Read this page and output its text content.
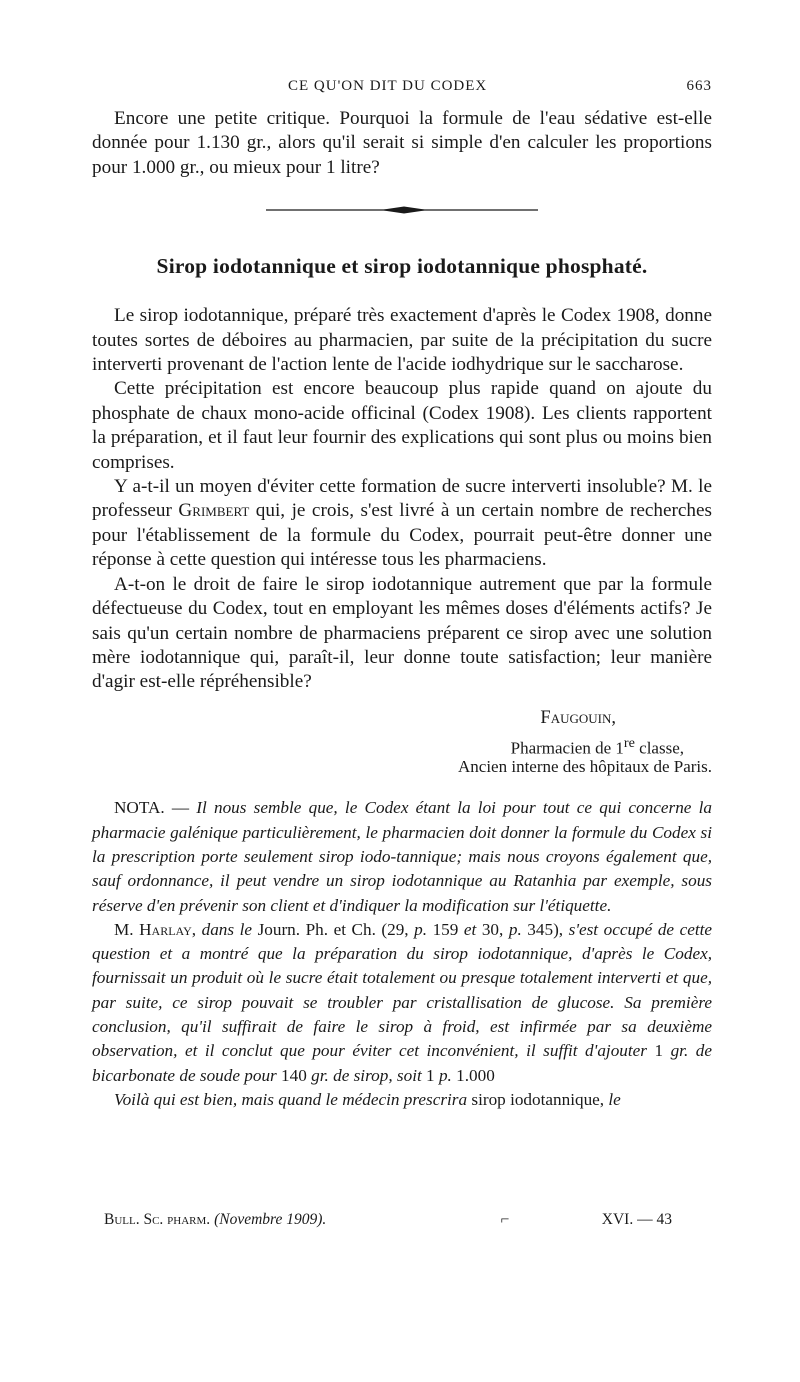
CE QU'ON DIT DU CODEX	663

Encore une petite critique. Pourquoi la formule de l'eau sédative est-elle donnée pour 1.130 gr., alors qu'il serait si simple d'en calculer les proportions pour 1.000 gr., ou mieux pour 1 litre?

Sirop iodotannique et sirop iodotannique phosphaté.

Le sirop iodotannique, préparé très exactement d'après le Codex 1908, donne toutes sortes de déboires au pharmacien, par suite de la précipitation du sucre interverti provenant de l'action lente de l'acide iodhydrique sur le saccharose.

Cette précipitation est encore beaucoup plus rapide quand on ajoute du phosphate de chaux mono-acide officinal (Codex 1908). Les clients rapportent la préparation, et il faut leur fournir des explications qui sont plus ou moins bien comprises.

Y a-t-il un moyen d'éviter cette formation de sucre interverti insoluble? M. le professeur Grimbert qui, je crois, s'est livré à un certain nombre de recherches pour l'établissement de la formule du Codex, pourrait peut-être donner une réponse à cette question qui intéresse tous les pharmaciens.

A-t-on le droit de faire le sirop iodotannique autrement que par la formule défectueuse du Codex, tout en employant les mêmes doses d'éléments actifs? Je sais qu'un certain nombre de pharmaciens préparent ce sirop avec une solution mère iodotannique qui, paraît-il, leur donne toute satisfaction; leur manière d'agir est-elle répréhensible?

Faugouin,
Pharmacien de 1re classe,
Ancien interne des hôpitaux de Paris.

NOTA. — Il nous semble que, le Codex étant la loi pour tout ce qui concerne la pharmacie galénique particulièrement, le pharmacien doit donner la formule du Codex si la prescription porte seulement sirop iodo-tannique; mais nous croyons également que, sauf ordonnance, il peut vendre un sirop iodotannique au Ratanhia par exemple, sous réserve d'en prévenir son client et d'indiquer la modification sur l'étiquette.

M. Harlay, dans le Journ. Ph. et Ch. (29, p. 159 et 30, p. 345), s'est occupé de cette question et a montré que la préparation du sirop iodotannique, d'après le Codex, fournissait un produit où le sucre était totalement ou presque totalement interverti et que, par suite, ce sirop pouvait se troubler par cristallisation de glucose. Sa première conclusion, qu'il suffirait de faire le sirop à froid, est infirmée par sa deuxième observation, et il conclut que pour éviter cet inconvénient, il suffit d'ajouter 1 gr. de bicarbonate de soude pour 140 gr. de sirop, soit 1 p. 1.000

Voilà qui est bien, mais quand le médecin prescrira sirop iodotannique, le

Bull. Sc. pharm. (Novembre 1909).	⌐	XVI. — 43
